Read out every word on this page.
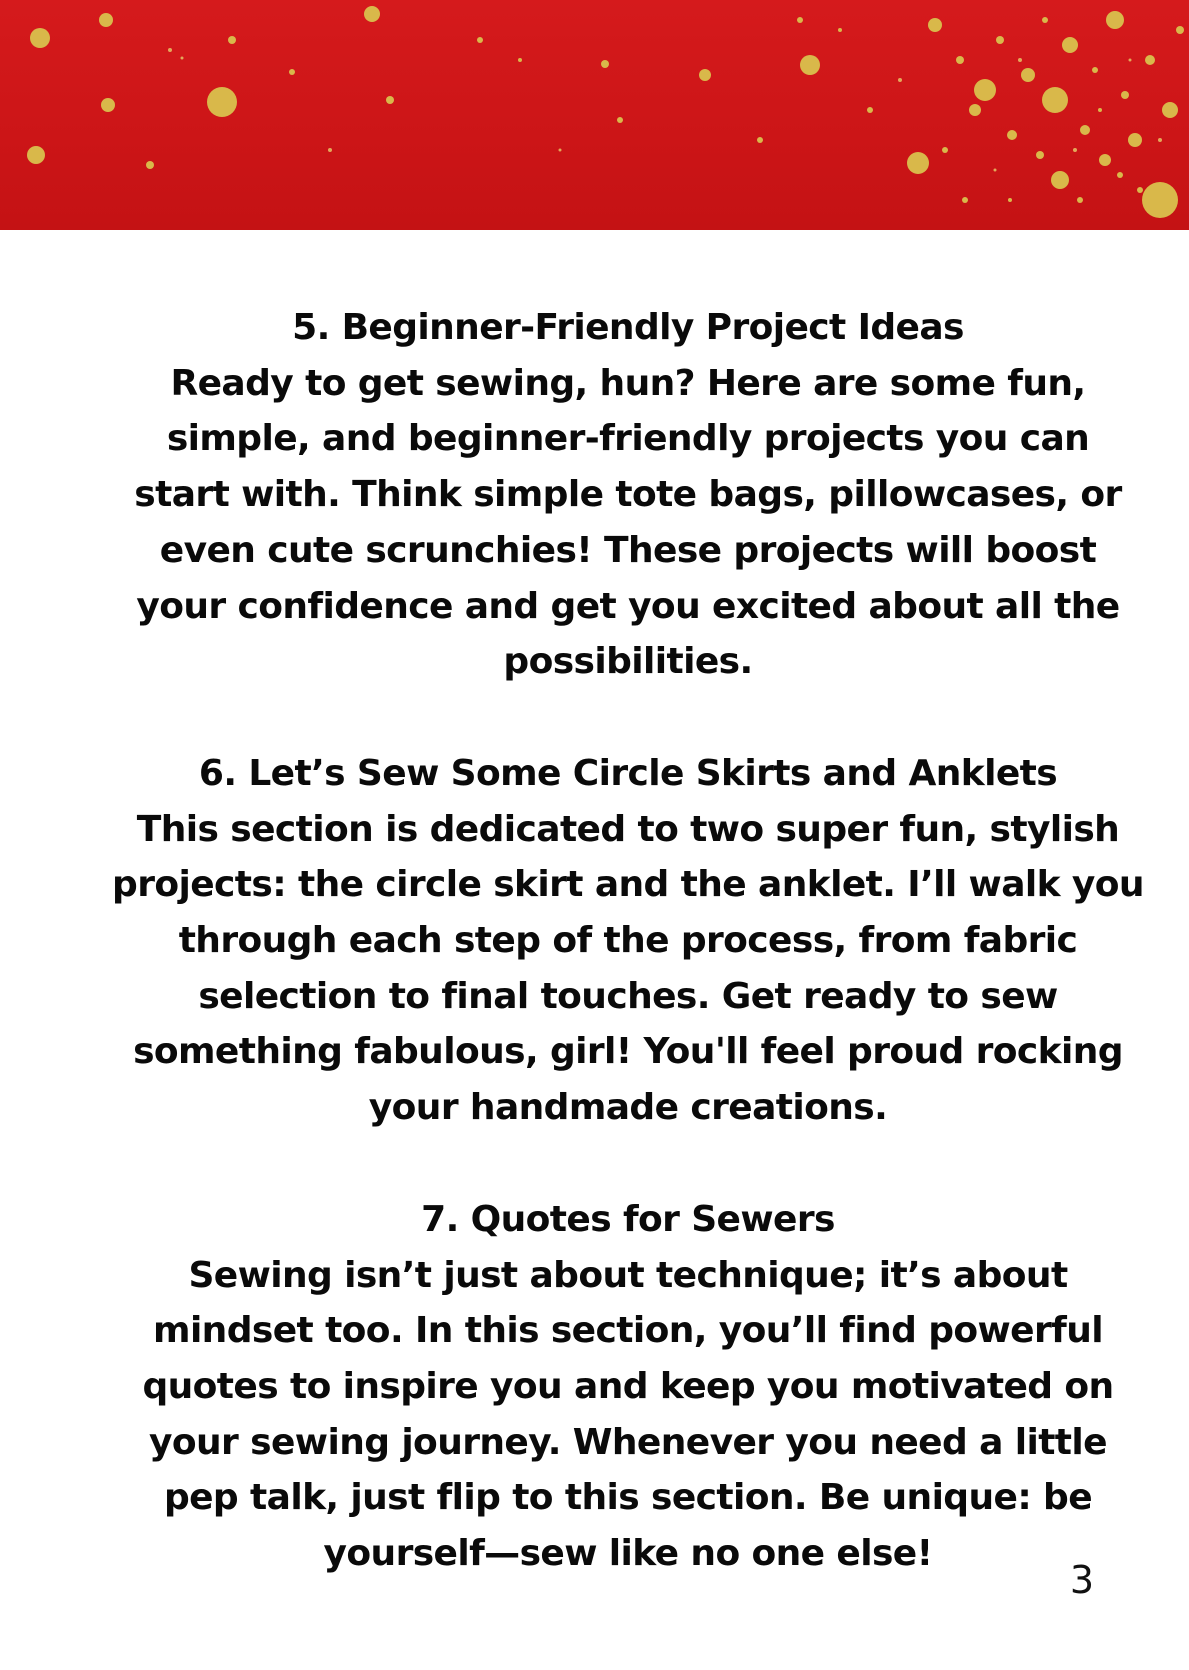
5. Beginner-Friendly Project Ideas

Ready to get sewing, hun? Here are some fun,

simple, and beginner-friendly projects you can

start with. Think simple tote bags, pillowcases, or

even cute scrunchies! These projects will boost

your confidence and get you excited about all the

possibilities.

6. Let’s Sew Some Circle Skirts and Anklets

This section is dedicated to two super fun, stylish

projects: the circle skirt and the anklet. I’ll walk you

through each step of the process, from fabric

selection to final touches. Get ready to sew

something fabulous, girl! You'll feel proud rocking

your handmade creations.

7. Quotes for Sewers

Sewing isn’t just about technique; it’s about

mindset too. In this section, you’ll find powerful

quotes to inspire you and keep you motivated on

your sewing journey. Whenever you need a little

pep talk, just flip to this section. Be unique: be

yourself—sew like no one else!

3
